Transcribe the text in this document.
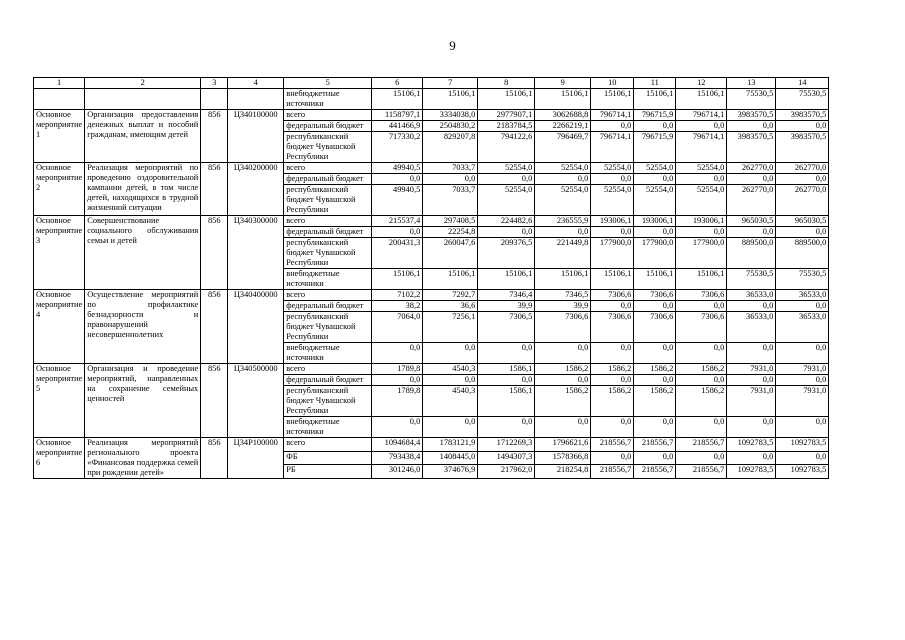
9
1	2	3	4	5	6	7	8	9	10	11	12	13	14
				внебюджетные источники	15106,1	15106,1	15106,1	15106,1	15106,1	15106,1	15106,1	75530,5	75530,5
Основное мероприятие 1	Организация предоставления денежных выплат и пособий гражданам, имеющим детей	856	Ц340100000	всего	1158797,1	3334038,0	2977907,1	3062688,8	796714,1	796715,9	796714,1	3983570,5	3983570,5
				федеральный бюджет	441466,9	2504830,2	2183784,5	2266219,1	0,0	0,0	0,0	0,0	0,0
				республиканский бюджет Чувашской Республики	717330,2	829207,8	794122,6	796469,7	796714,1	796715,9	796714,1	3983570,5	3983570,5
Основное мероприятие 2	Реализация мероприятий по проведению оздоровительной кампании детей, в том числе детей, находящихся в трудной жизненной ситуации	856	Ц340200000	всего	49940,5	7033,7	52554,0	52554,0	52554,0	52554,0	52554,0	262770,0	262770,0
				федеральный бюджет	0,0	0,0	0,0	0,0	0,0	0,0	0,0	0,0	0,0
				республиканский бюджет Чувашской Республики	49940,5	7033,7	52554,0	52554,0	52554,0	52554,0	52554,0	262770,0	262770,0
Основное мероприятие 3	Совершенствование социального обслуживания семьи и детей	856	Ц340300000	всего	215537,4	297408,5	224482,6	236555,9	193006,1	193006,1	193006,1	965030,5	965030,5
				федеральный бюджет	0,0	22254,8	0,0	0,0	0,0	0,0	0,0	0,0	0,0
				республиканский бюджет Чувашской Республики	200431,3	260047,6	209376,5	221449,8	177900,0	177900,0	177900,0	889500,0	889500,0
				внебюджетные источники	15106,1	15106,1	15106,1	15106,1	15106,1	15106,1	15106,1	75530,5	75530,5
Основное мероприятие 4	Осуществление мероприятий по профилактике безнадзорности и правонарушений несовершеннолетних	856	Ц340400000	всего	7102,2	7292,7	7346,4	7346,5	7306,6	7306,6	7306,6	36533,0	36533,0
				федеральный бюджет	38,2	36,6	39,9	39,9	0,0	0,0	0,0	0,0	0,0
				республиканский бюджет Чувашской Республики	7064,0	7256,1	7306,5	7306,6	7306,6	7306,6	7306,6	36533,0	36533,0
				внебюджетные источники	0,0	0,0	0,0	0,0	0,0	0,0	0,0	0,0	0,0
Основное мероприятие 5	Организация и проведение мероприятий, направленных на сохранение семейных ценностей	856	Ц340500000	всего	1789,8	4540,3	1586,1	1586,2	1586,2	1586,2	1586,2	7931,0	7931,0
				федеральный бюджет	0,0	0,0	0,0	0,0	0,0	0,0	0,0	0,0	0,0
				республиканский бюджет Чувашской Республики	1789,8	4540,3	1586,1	1586,2	1586,2	1586,2	1586,2	7931,0	7931,0
				внебюджетные источники	0,0	0,0	0,0	0,0	0,0	0,0	0,0	0,0	0,0
Основное мероприятие 6	Реализация мероприятий регионального проекта «Финансовая поддержка семей при рождении детей»	856	Ц34P100000	всего	1094684,4	1783121,9	1712269,3	1796621,6	218556,7	218556,7	218556,7	1092783,5	1092783,5
				ФБ	793438,4	1408445,0	1494307,3	1578366,8	0,0	0,0	0,0	0,0	0,0
				РБ	301246,0	374676,9	217962,0	218254,8	218556,7	218556,7	218556,7	1092783,5	1092783,5
